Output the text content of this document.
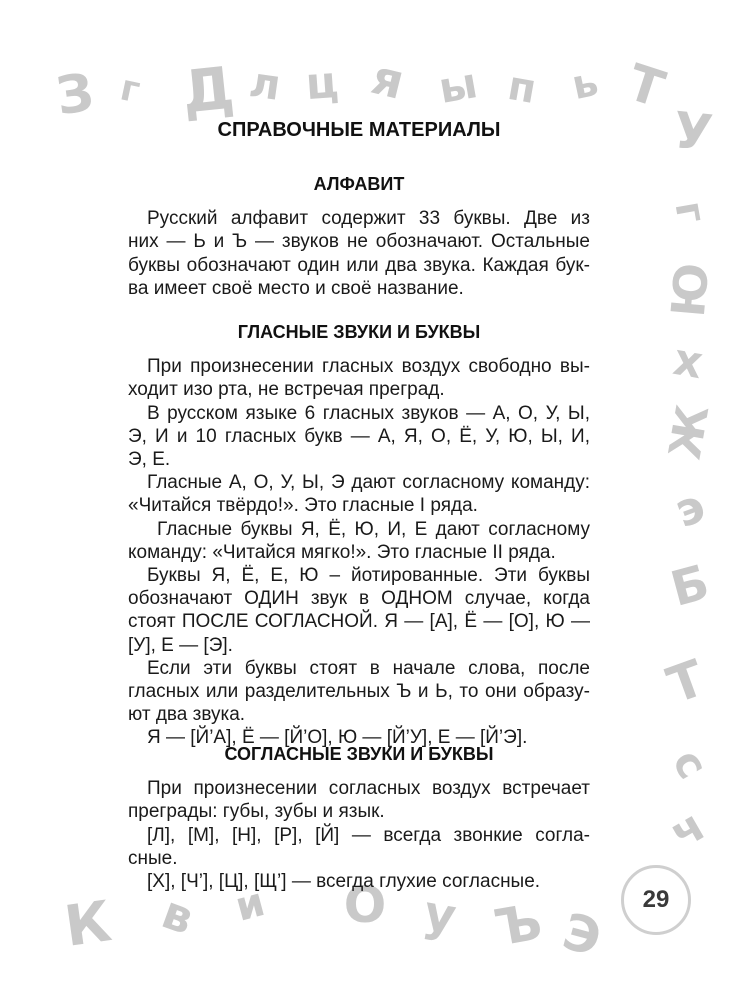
З г Д л ц я ы п ь Т
У
г
Ю
х
Ж
э
Б
Т
с
ч
К в и О у Ъ Э
СПРАВОЧНЫЕ МАТЕРИАЛЫ
АЛФАВИТ
Русский алфавит содержит 33 буквы. Две из
них — Ь и Ъ — звуков не обозначают. Остальные
буквы обозначают один или два звука. Каждая бук-
ва имеет своё место и своё название.
ГЛАСНЫЕ ЗВУКИ И БУКВЫ
При произнесении гласных воздух свободно вы-
ходит изо рта, не встречая преград.
В русском языке 6 гласных звуков — А, О, У, Ы,
Э, И и 10 гласных букв — А, Я, О, Ё, У, Ю, Ы, И,
Э, Е.
Гласные А, О, У, Ы, Э дают согласному команду:
«Читайся твёрдо!». Это гласные I ряда.
Гласные буквы Я, Ё, Ю, И, Е дают согласному
команду: «Читайся мягко!». Это гласные II ряда.
Буквы Я, Ё, Е, Ю – йотированные. Эти буквы
обозначают ОДИН звук в ОДНОМ случае, когда
стоят ПОСЛЕ СОГЛАСНОЙ. Я — [А], Ё — [О], Ю —
[У], Е — [Э].
Если эти буквы стоят в начале слова, после
гласных или разделительных Ъ и Ь, то они образу-
ют два звука.
Я — [Й’А], Ё — [Й’О], Ю — [Й’У], Е — [Й’Э].
СОГЛАСНЫЕ ЗВУКИ И БУКВЫ
При произнесении согласных воздух встречает
преграды: губы, зубы и язык.
[Л], [М], [Н], [Р], [Й] — всегда звонкие согла-
сные.
[Х], [Ч’], [Ц], [Щ’] — всегда глухие согласные.
29
